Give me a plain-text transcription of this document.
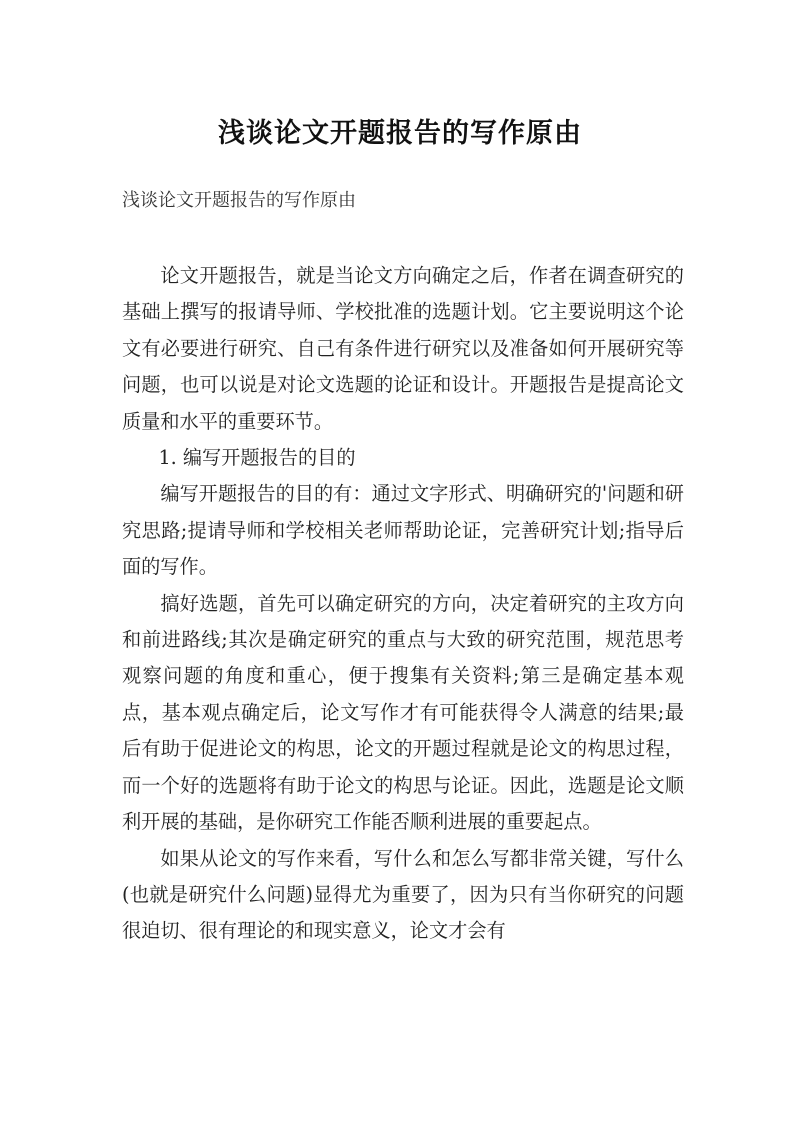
浅谈论文开题报告的写作原由
浅谈论文开题报告的写作原由

论文开题报告，就是当论文方向确定之后，作者在调查研究的基础上撰写的报请导师、学校批准的选题计划。它主要说明这个论文有必要进行研究、自己有条件进行研究以及准备如何开展研究等问题，也可以说是对论文选题的论证和设计。开题报告是提高论文质量和水平的重要环节。

1. 编写开题报告的目的

编写开题报告的目的有：通过文字形式、明确研究的'问题和研究思路;提请导师和学校相关老师帮助论证，完善研究计划;指导后面的写作。

搞好选题，首先可以确定研究的方向，决定着研究的主攻方向和前进路线;其次是确定研究的重点与大致的研究范围，规范思考观察问题的角度和重心，便于搜集有关资料;第三是确定基本观点，基本观点确定后，论文写作才有可能获得令人满意的结果;最后有助于促进论文的构思，论文的开题过程就是论文的构思过程，而一个好的选题将有助于论文的构思与论证。因此，选题是论文顺利开展的基础，是你研究工作能否顺利进展的重要起点。

如果从论文的写作来看，写什么和怎么写都非常关键，写什么(也就是研究什么问题)显得尤为重要了，因为只有当你研究的问题很迫切、很有理论的和现实意义，论文才会有
